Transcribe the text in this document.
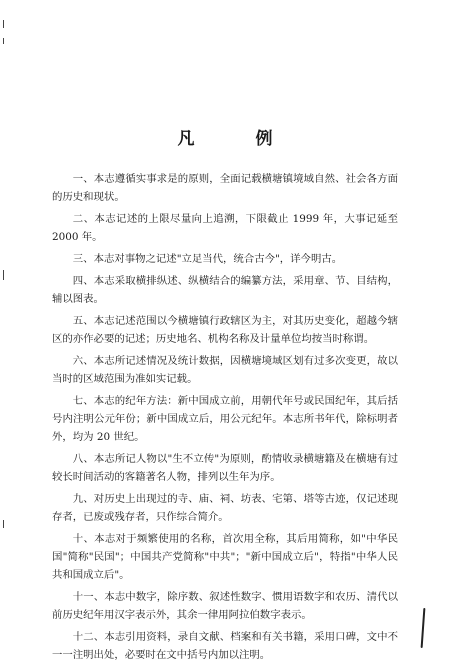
凡　例

一、本志遵循实事求是的原则，全面记载横塘镇境域自然、社会各方面的历史和现状。

二、本志记述的上限尽量向上追溯，下限截止 1999 年，大事记延至 2000 年。

三、本志对事物之记述"立足当代，统合古今"，详今明古。

四、本志采取横排纵述、纵横结合的编纂方法，采用章、节、目结构，辅以图表。

五、本志记述范围以今横塘镇行政辖区为主，对其历史变化，超越今辖区的亦作必要的记述；历史地名、机构名称及计量单位均按当时称谓。

六、本志所记述情况及统计数据，因横塘境域区划有过多次变更，故以当时的区域范围为准如实记载。

七、本志的纪年方法：新中国成立前，用朝代年号或民国纪年，其后括号内注明公元年份；新中国成立后，用公元纪年。本志所书年代，除标明者外，均为 20 世纪。

八、本志所记人物以"生不立传"为原则，酌情收录横塘籍及在横塘有过较长时间活动的客籍著名人物，排列以生年为序。

九、对历史上出现过的寺、庙、祠、坊表、宅第、塔等古迹，仅记述现存者，已废或残存者，只作综合简介。

十、本志对于频繁使用的名称，首次用全称，其后用简称，如"中华民国"简称"民国"；中国共产党简称"中共"；"新中国成立后"，特指"中华人民共和国成立后"。

十一、本志中数字，除序数、叙述性数字、惯用语数字和农历、清代以前历史纪年用汉字表示外，其余一律用阿拉伯数字表示。

十二、本志引用资料，录自文献、档案和有关书籍，采用口碑，文中不一一注明出处，必要时在文中括号内加以注明。
